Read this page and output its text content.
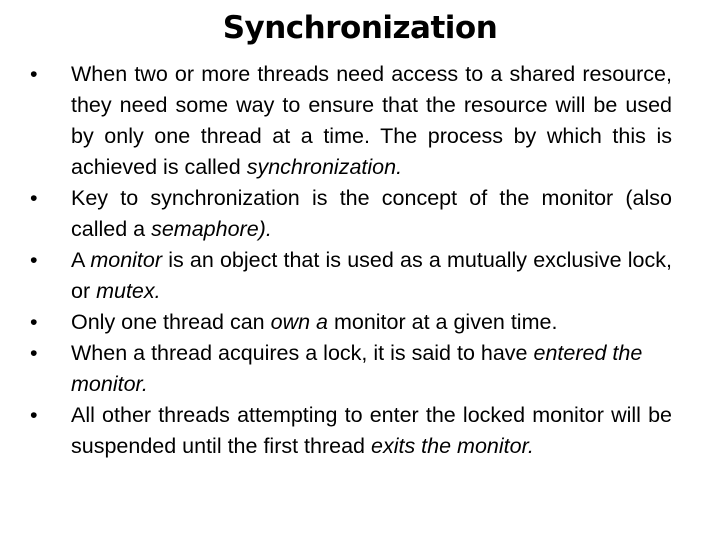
Synchronization
•
When two or more threads need access to a shared resource, they need some way to ensure that the resource will be used by only one thread at a time. The process by which this is achieved is called synchronization.
•
Key to synchronization is the concept of the monitor (also called a semaphore).
•
A monitor is an object that is used as a mutually exclusive lock, or mutex.
•
Only one thread can own a monitor at a given time.
•
When a thread acquires a lock, it is said to have entered the monitor.
•
All other threads attempting to enter the locked monitor will be suspended until the first thread exits the monitor.
